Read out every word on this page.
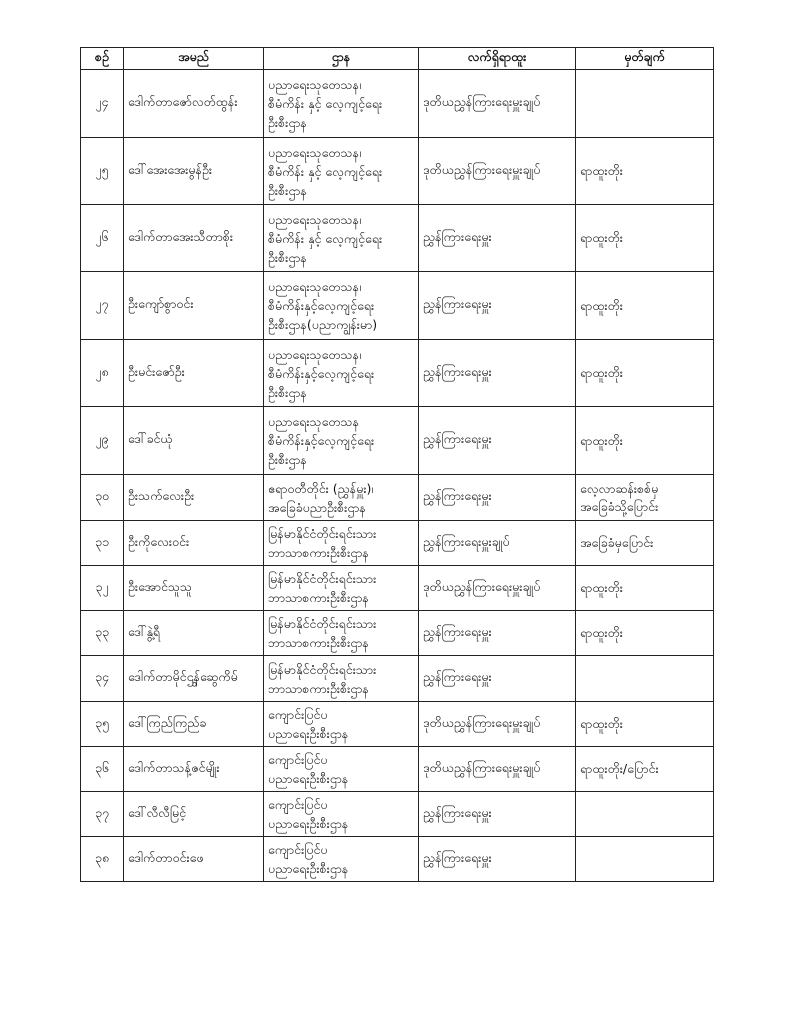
စဉ်	အမည်	ဌာန	လက်ရှိရာထူး	မှတ်ချက်
၂၄	ဒေါက်တာဇော်လတ်ထွန်း	ပညာရေးသုတေသန၊
စီမံကိန်း နှင့် လေ့ကျင့်ရေး
ဦးစီးဌာန	ဒုတိယညွှန်ကြားရေးမှူးချုပ်	
၂၅	ဒေါ်အေးအေးမွန်ဦး	ပညာရေးသုတေသန၊
စီမံကိန်း နှင့် လေ့ကျင့်ရေး
ဦးစီးဌာန	ဒုတိယညွှန်ကြားရေးမှူးချုပ်	ရာထူးတိုး

၂၆	ဒေါက်တာအေးသီတာစိုး	ပညာရေးသုတေသန၊
စီမံကိန်း နှင့် လေ့ကျင့်ရေး
ဦးစီးဌာန	ညွှန်ကြားရေးမှူး	ရာထူးတိုး

၂၇	ဦးကျော်စွာဝင်း	ပညာရေးသုတေသန၊
စီမံကိန်းနှင့်လေ့ကျင့်ရေး
ဦးစီးဌာန(ပညာကျွန်းမာ)	ညွှန်ကြားရေးမှူး	ရာထူးတိုး

၂၈	ဦးမင်းဇော်ဦး	ပညာရေးသုတေသန၊
စီမံကိန်းနှင့်လေ့ကျင့်ရေး
ဦးစီးဌာန	ညွှန်ကြားရေးမှူး	ရာထူးတိုး

၂၉	ဒေါ်ခင်ယုံ	ပညာရေးသုတေသန
စီမံကိန်းနှင့်လေ့ကျင့်ရေး
ဦးစီးဌာန	ညွှန်ကြားရေးမှူး	ရာထူးတိုး

၃၀	ဦးသက်လေးဦး	ဧရာဝတီတိုင်း (ညွှန်မှူး)၊
အခြေခံပညာဦးစီးဌာန	ညွှန်ကြားရေးမှူး	လေ့လာဆန်းစစ်မှ
အခြေခံသို့ပြောင်း

၃၁	ဦးကိုလေးဝင်း	မြန်မာနိုင်ငံတိုင်းရင်းသား
ဘာသာစကားဦးစီးဌာန	ညွှန်ကြားရေးမှူးချုပ်	အခြေခံမှပြောင်း

၃၂	ဦးအောင်သူသူ	မြန်မာနိုင်ငံတိုင်းရင်းသား
ဘာသာစကားဦးစီးဌာန	ဒုတိယညွှန်ကြားရေးမှူးချုပ်	ရာထူးတိုး

၃၃	ဒေါ်နွဲ့ရီ	မြန်မာနိုင်ငံတိုင်းရင်းသား
ဘာသာစကားဦးစီးဌာန	ညွှန်ကြားရေးမှူး	ရာထူးတိုး

၃၄	ဒေါက်တာမိုင်ဌွန်ဆွေကိမ်	မြန်မာနိုင်ငံတိုင်းရင်းသား
ဘာသာစကားဦးစီးဌာန	ညွှန်ကြားရေးမှူး	
၃၅	ဒေါ်ကြည်ကြည်ခ	ကျောင်းပြင်ပ
ပညာရေးဦးစီးဌာန	ဒုတိယညွှန်ကြားရေးမှူးချုပ်	ရာထူးတိုး

၃၆	ဒေါက်တာသန့်ဇင်မျိုး	ကျောင်းပြင်ပ
ပညာရေးဦးစီးဌာန	ဒုတိယညွှန်ကြားရေးမှူးချုပ်	ရာထူးတိုး/ပြောင်း

၃၇	ဒေါ်လီလီမြင့်	ကျောင်းပြင်ပ
ပညာရေးဦးစီးဌာန	ညွှန်ကြားရေးမှူး	
၃၈	ဒေါက်တာဝင်းဖေ	ကျောင်းပြင်ပ
ပညာရေးဦးစီးဌာန	ညွှန်ကြားရေးမှူး	
